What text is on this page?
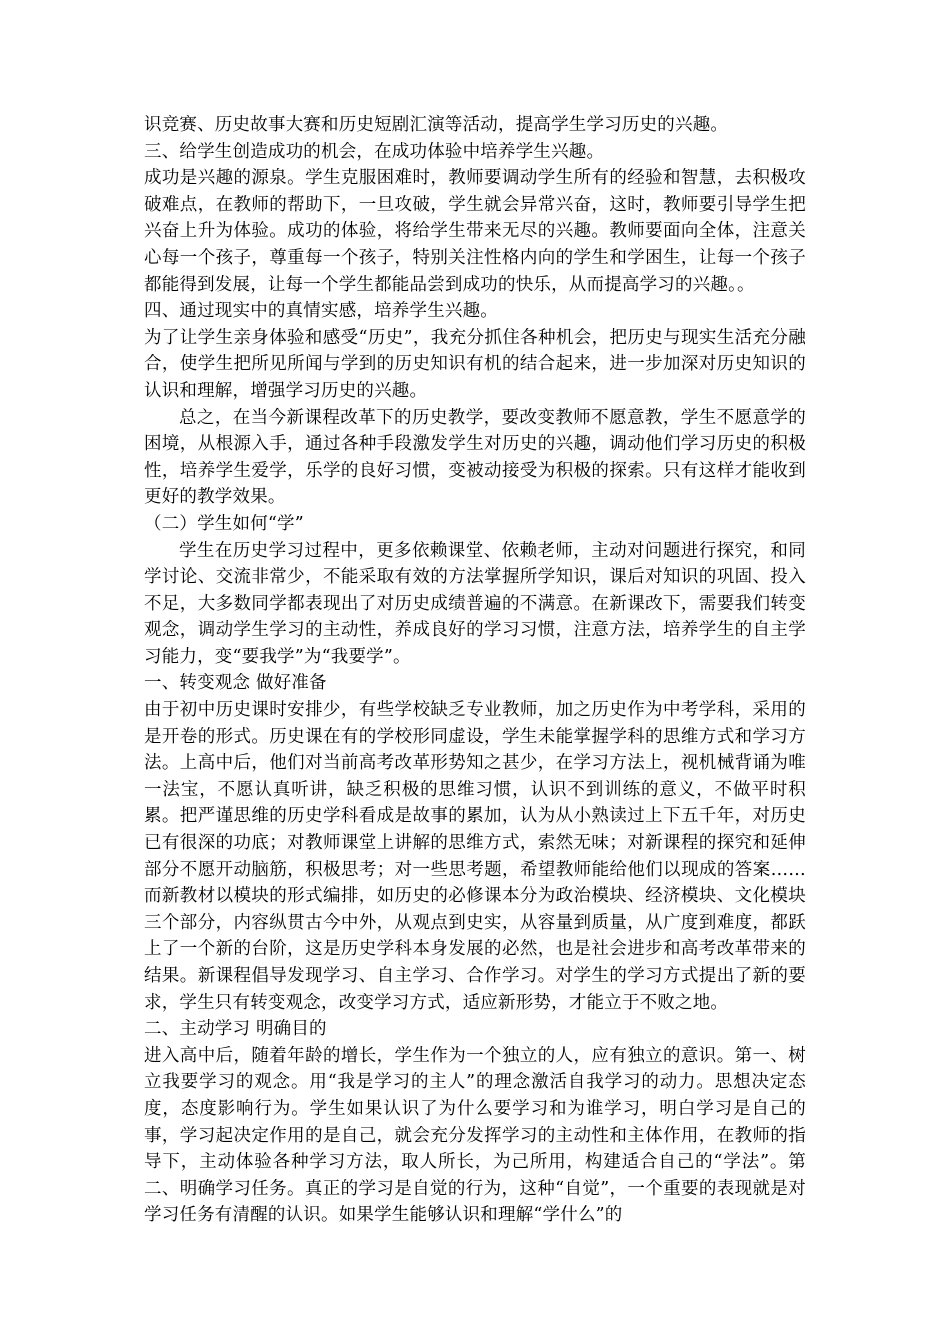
识竞赛、历史故事大赛和历史短剧汇演等活动，提高学生学习历史的兴趣。

三、给学生创造成功的机会，在成功体验中培养学生兴趣。

成功是兴趣的源泉。学生克服困难时，教师要调动学生所有的经验和智慧，去积极攻破难点，在教师的帮助下，一旦攻破，学生就会异常兴奋，这时，教师要引导学生把兴奋上升为体验。成功的体验，将给学生带来无尽的兴趣。教师要面向全体，注意关心每一个孩子，尊重每一个孩子，特别关注性格内向的学生和学困生，让每一个孩子都能得到发展，让每一个学生都能品尝到成功的快乐，从而提高学习的兴趣。。

四、通过现实中的真情实感，培养学生兴趣。

为了让学生亲身体验和感受“历史”，我充分抓住各种机会，把历史与现实生活充分融合，使学生把所见所闻与学到的历史知识有机的结合起来，进一步加深对历史知识的认识和理解，增强学习历史的兴趣。

总之，在当今新课程改革下的历史教学，要改变教师不愿意教，学生不愿意学的困境，从根源入手，通过各种手段激发学生对历史的兴趣，调动他们学习历史的积极性，培养学生爱学，乐学的良好习惯，变被动接受为积极的探索。只有这样才能收到更好的教学效果。

（二）学生如何“学”

学生在历史学习过程中，更多依赖课堂、依赖老师，主动对问题进行探究，和同学讨论、交流非常少，不能采取有效的方法掌握所学知识，课后对知识的巩固、投入不足，大多数同学都表现出了对历史成绩普遍的不满意。在新课改下，需要我们转变观念，调动学生学习的主动性，养成良好的学习习惯，注意方法，培养学生的自主学习能力，变“要我学”为“我要学”。

一、转变观念 做好准备

由于初中历史课时安排少，有些学校缺乏专业教师，加之历史作为中考学科，采用的是开卷的形式。历史课在有的学校形同虚设，学生未能掌握学科的思维方式和学习方法。上高中后，他们对当前高考改革形势知之甚少，在学习方法上，视机械背诵为唯一法宝，不愿认真听讲，缺乏积极的思维习惯，认识不到训练的意义，不做平时积累。把严谨思维的历史学科看成是故事的累加，认为从小熟读过上下五千年，对历史已有很深的功底；对教师课堂上讲解的思维方式，索然无味；对新课程的探究和延伸部分不愿开动脑筋，积极思考；对一些思考题，希望教师能给他们以现成的答案……而新教材以模块的形式编排，如历史的必修课本分为政治模块、经济模块、文化模块三个部分，内容纵贯古今中外，从观点到史实，从容量到质量，从广度到难度，都跃上了一个新的台阶，这是历史学科本身发展的必然，也是社会进步和高考改革带来的结果。新课程倡导发现学习、自主学习、合作学习。对学生的学习方式提出了新的要求，学生只有转变观念，改变学习方式，适应新形势，才能立于不败之地。

二、主动学习 明确目的

进入高中后，随着年龄的增长，学生作为一个独立的人，应有独立的意识。第一、树立我要学习的观念。用“我是学习的主人”的理念激活自我学习的动力。思想决定态度，态度影响行为。学生如果认识了为什么要学习和为谁学习，明白学习是自己的事，学习起决定作用的是自己，就会充分发挥学习的主动性和主体作用，在教师的指导下，主动体验各种学习方法，取人所长，为己所用，构建适合自己的“学法”。第二、明确学习任务。真正的学习是自觉的行为，这种“自觉”，一个重要的表现就是对学习任务有清醒的认识。如果学生能够认识和理解“学什么”的
